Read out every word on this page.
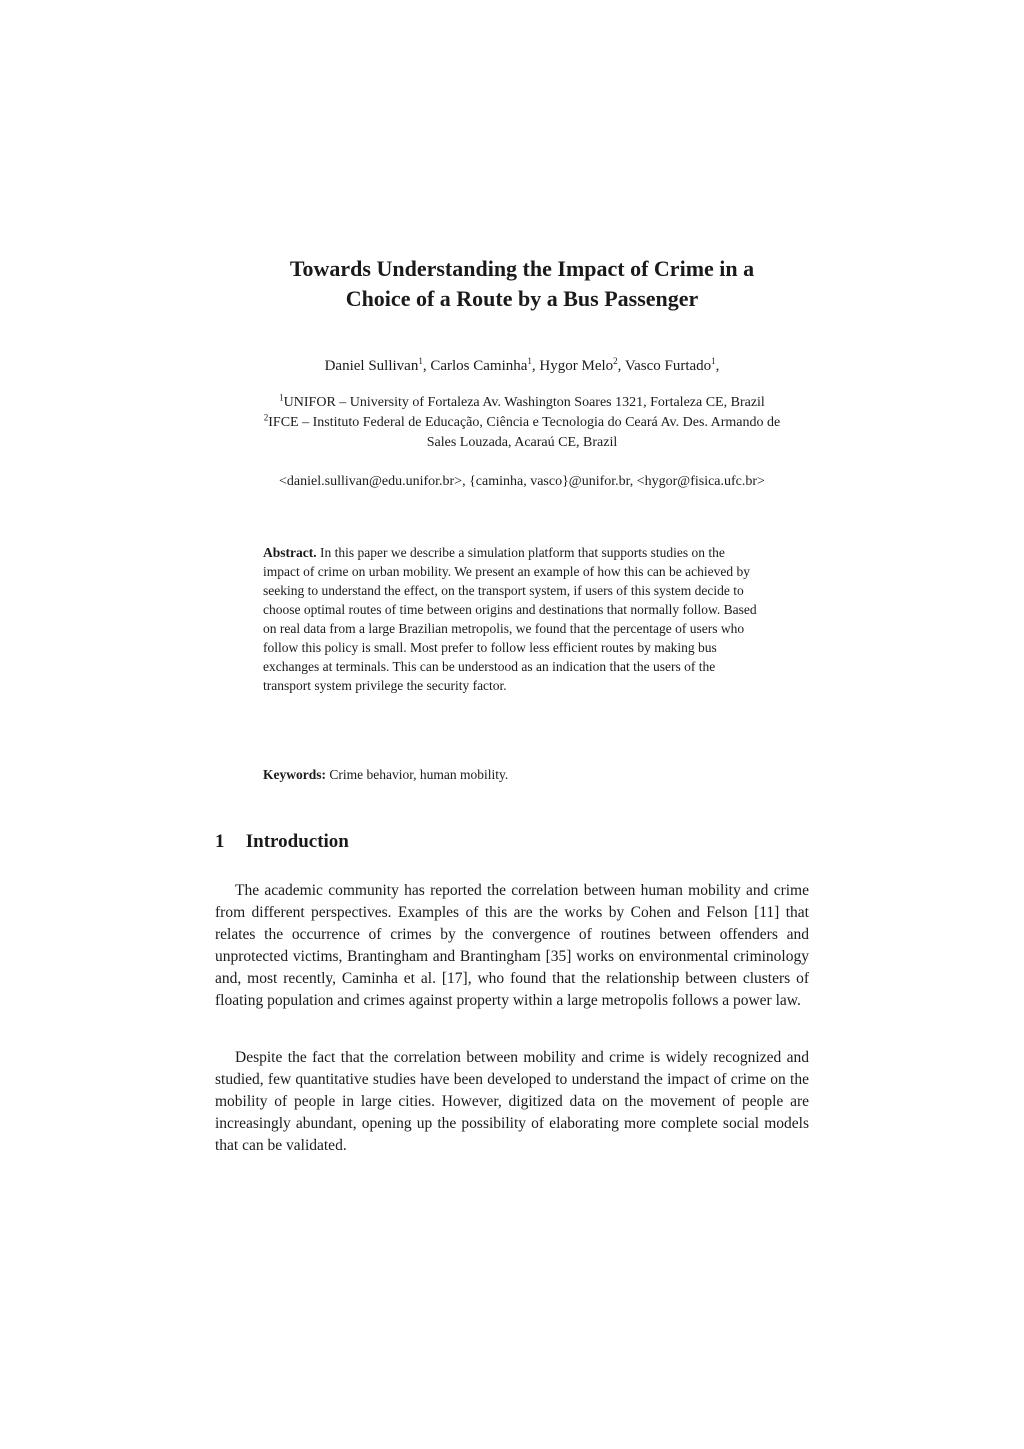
Towards Understanding the Impact of Crime in a
Choice of a Route by a Bus Passenger
Daniel Sullivan$^1$, Carlos Caminha$^1$, Hygor Melo$^2$, Vasco Furtado$^1$,
$^1$UNIFOR – University of Fortaleza Av. Washington Soares 1321, Fortaleza CE, Brazil
$^2$IFCE – Instituto Federal de Educação, Ciência e Tecnologia do Ceará Av. Des. Armando de
Sales Louzada, Acaraú CE, Brazil
<daniel.sullivan@edu.unifor.br>, {caminha, vasco}@unifor.br, <hygor@fisica.ufc.br>

Abstract. In this paper we describe a simulation platform that supports studies on the impact of crime on urban mobility. We present an example of how this can be achieved by seeking to understand the effect, on the transport system, if users of this system decide to choose optimal routes of time between origins and destinations that normally follow. Based on real data from a large Brazilian metropolis, we found that the percentage of users who follow this policy is small. Most prefer to follow less efficient routes by making bus exchanges at terminals. This can be understood as an indication that the users of the transport system privilege the security factor.

Keywords: Crime behavior, human mobility.
1 Introduction

The academic community has reported the correlation between human mobility and crime from different perspectives. Examples of this are the works by Cohen and Felson [11] that relates the occurrence of crimes by the convergence of routines between offenders and unprotected victims, Brantingham and Brantingham [35] works on environmental criminology and, most recently, Caminha et al. [17], who found that the relationship between clusters of floating population and crimes against property within a large metropolis follows a power law.

Despite the fact that the correlation between mobility and crime is widely recognized and studied, few quantitative studies have been developed to understand the impact of crime on the mobility of people in large cities. However, digitized data on the movement of people are increasingly abundant, opening up the possibility of elaborating more complete social models that can be validated.
